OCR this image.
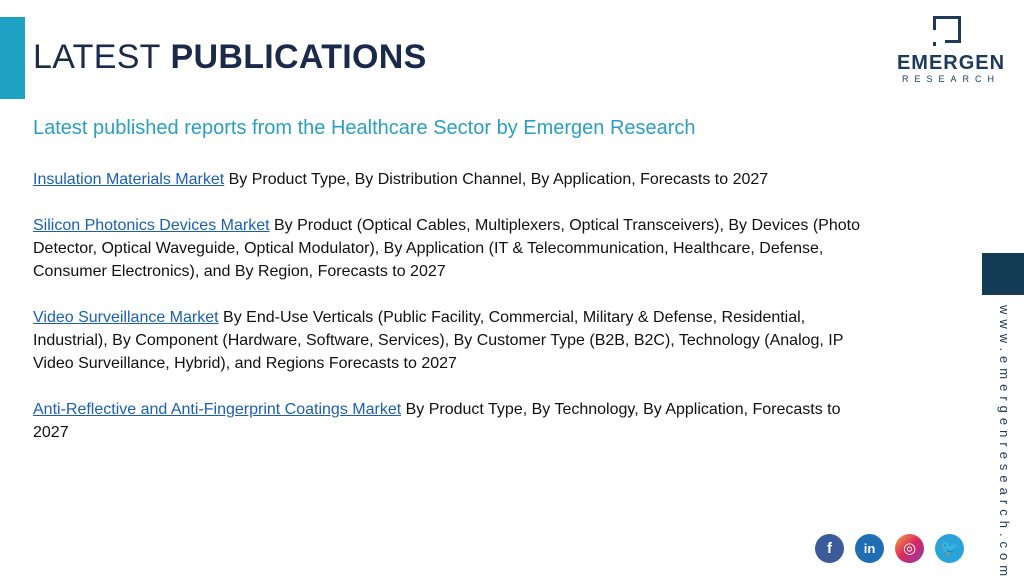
LATEST PUBLICATIONS	EMERGEN
RESEARCH
Latest published reports from the Healthcare Sector by Emergen Research

Insulation Materials Market By Product Type, By Distribution Channel, By Application, Forecasts to 2027

Silicon Photonics Devices Market By Product (Optical Cables, Multiplexers, Optical Transceivers), By Devices (Photo Detector, Optical Waveguide, Optical Modulator), By Application (IT & Telecommunication, Healthcare, Defense, Consumer Electronics), and By Region, Forecasts to 2027

Video Surveillance Market By End-Use Verticals (Public Facility, Commercial, Military & Defense, Residential, Industrial), By Component (Hardware, Software, Services), By Customer Type (B2B, B2C), Technology (Analog, IP Video Surveillance, Hybrid), and Regions Forecasts to 2027

Anti-Reflective and Anti-Fingerprint Coatings Market By Product Type, By Technology, By Application, Forecasts to 2027	www.emergenresearch.com
f	in	◎	🐦
